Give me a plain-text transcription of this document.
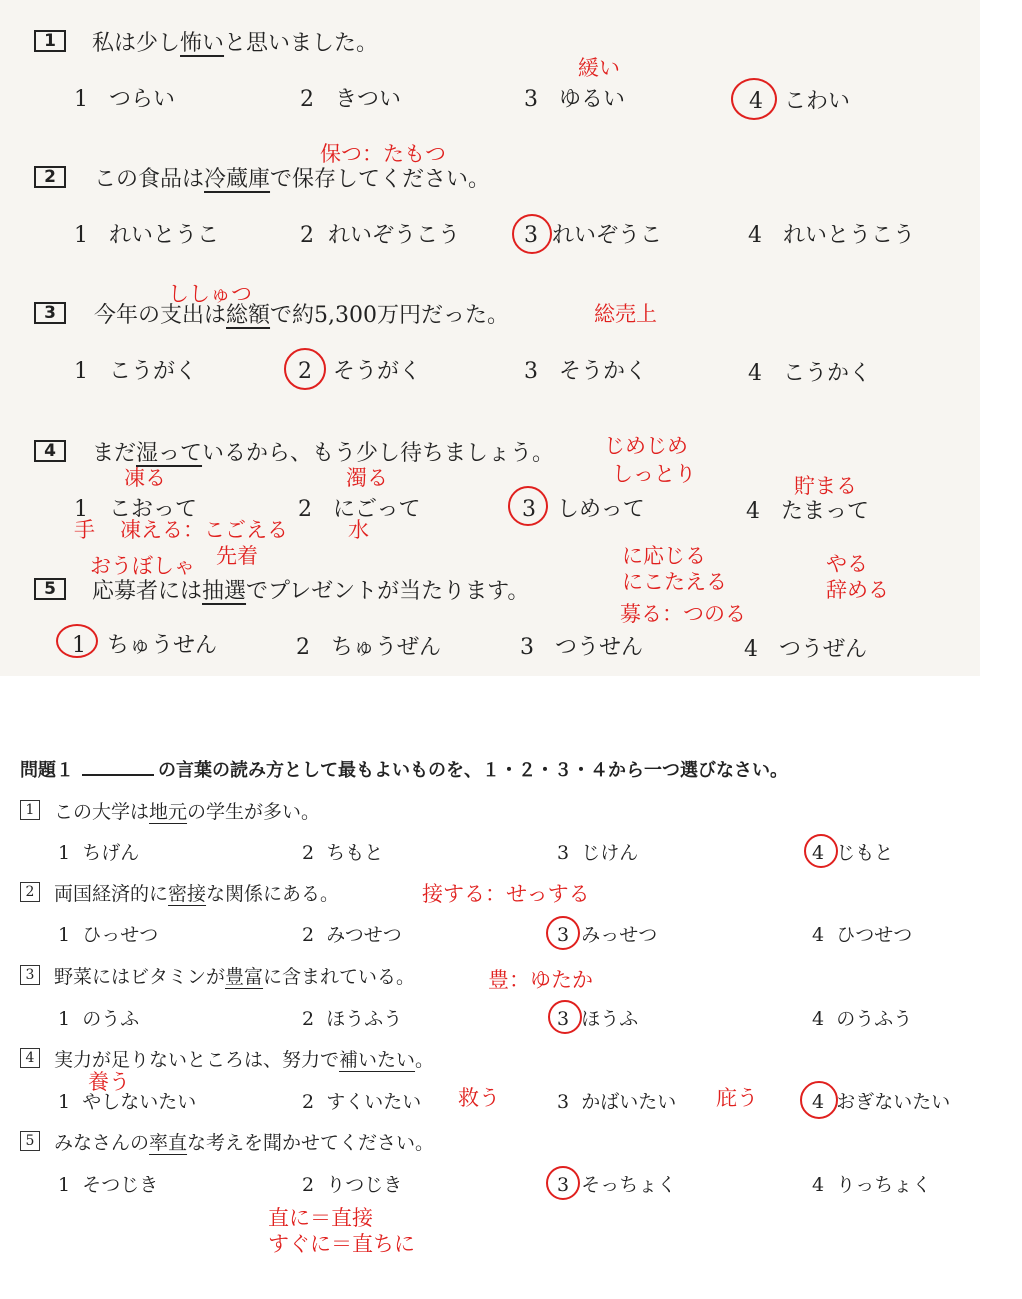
1	私は少し怖いと思いました。
1 つらい	2 きつい	3 ゆるい	4 こわい
2	この食品は冷蔵庫で保存してください。
1 れいとうこ	2 れいぞうこう	3 れいぞうこ	4 れいとうこう
3	今年の支出は総額で約5,300万円だった。
1 こうがく	2 そうがく	3 そうかく	4 こうかく
4	まだ湿っているから、もう少し待ちましょう。
1 こおって	2 にごって	3 しめって	4 たまって
5	応募者には抽選でプレゼントが当たります。
1 ちゅうせん	2 ちゅうぜん	3 つうせん	4 つうぜん
緩い
保つ：たもつ
ししゅつ
総売上
じめじめ
しっとり
凍る	濁る	貯まる
手 凍える：こごえる	水
おうぼしゃ 先着	に応じる
にこたえる
やる
辞める
募る：つのる
問題１	の言葉の読み方として最もよいものを、１・２・３・４から一つ選びなさい。
1 この大学は地元の学生が多い。
1 ちげん	2 ちもと	3 じけん	4 じもと
2 両国経済的に密接な関係にある。
1 ひっせつ	2 みつせつ	3 みっせつ	4 ひつせつ
3 野菜にはビタミンが豊富に含まれている。
1 のうふ	2 ほうふう	3 ほうふ	4 のうふう
4 実力が足りないところは、努力で補いたい。
1 やしないたい	2 すくいたい	3 かばいたい	4 おぎないたい
5 みなさんの率直な考えを聞かせてください。
1 そつじき	2 りつじき	3 そっちょく	4 りっちょく
接する：せっする
豊：ゆたか
養う
救う	庇う
直に＝直接
すぐに＝直ちに
